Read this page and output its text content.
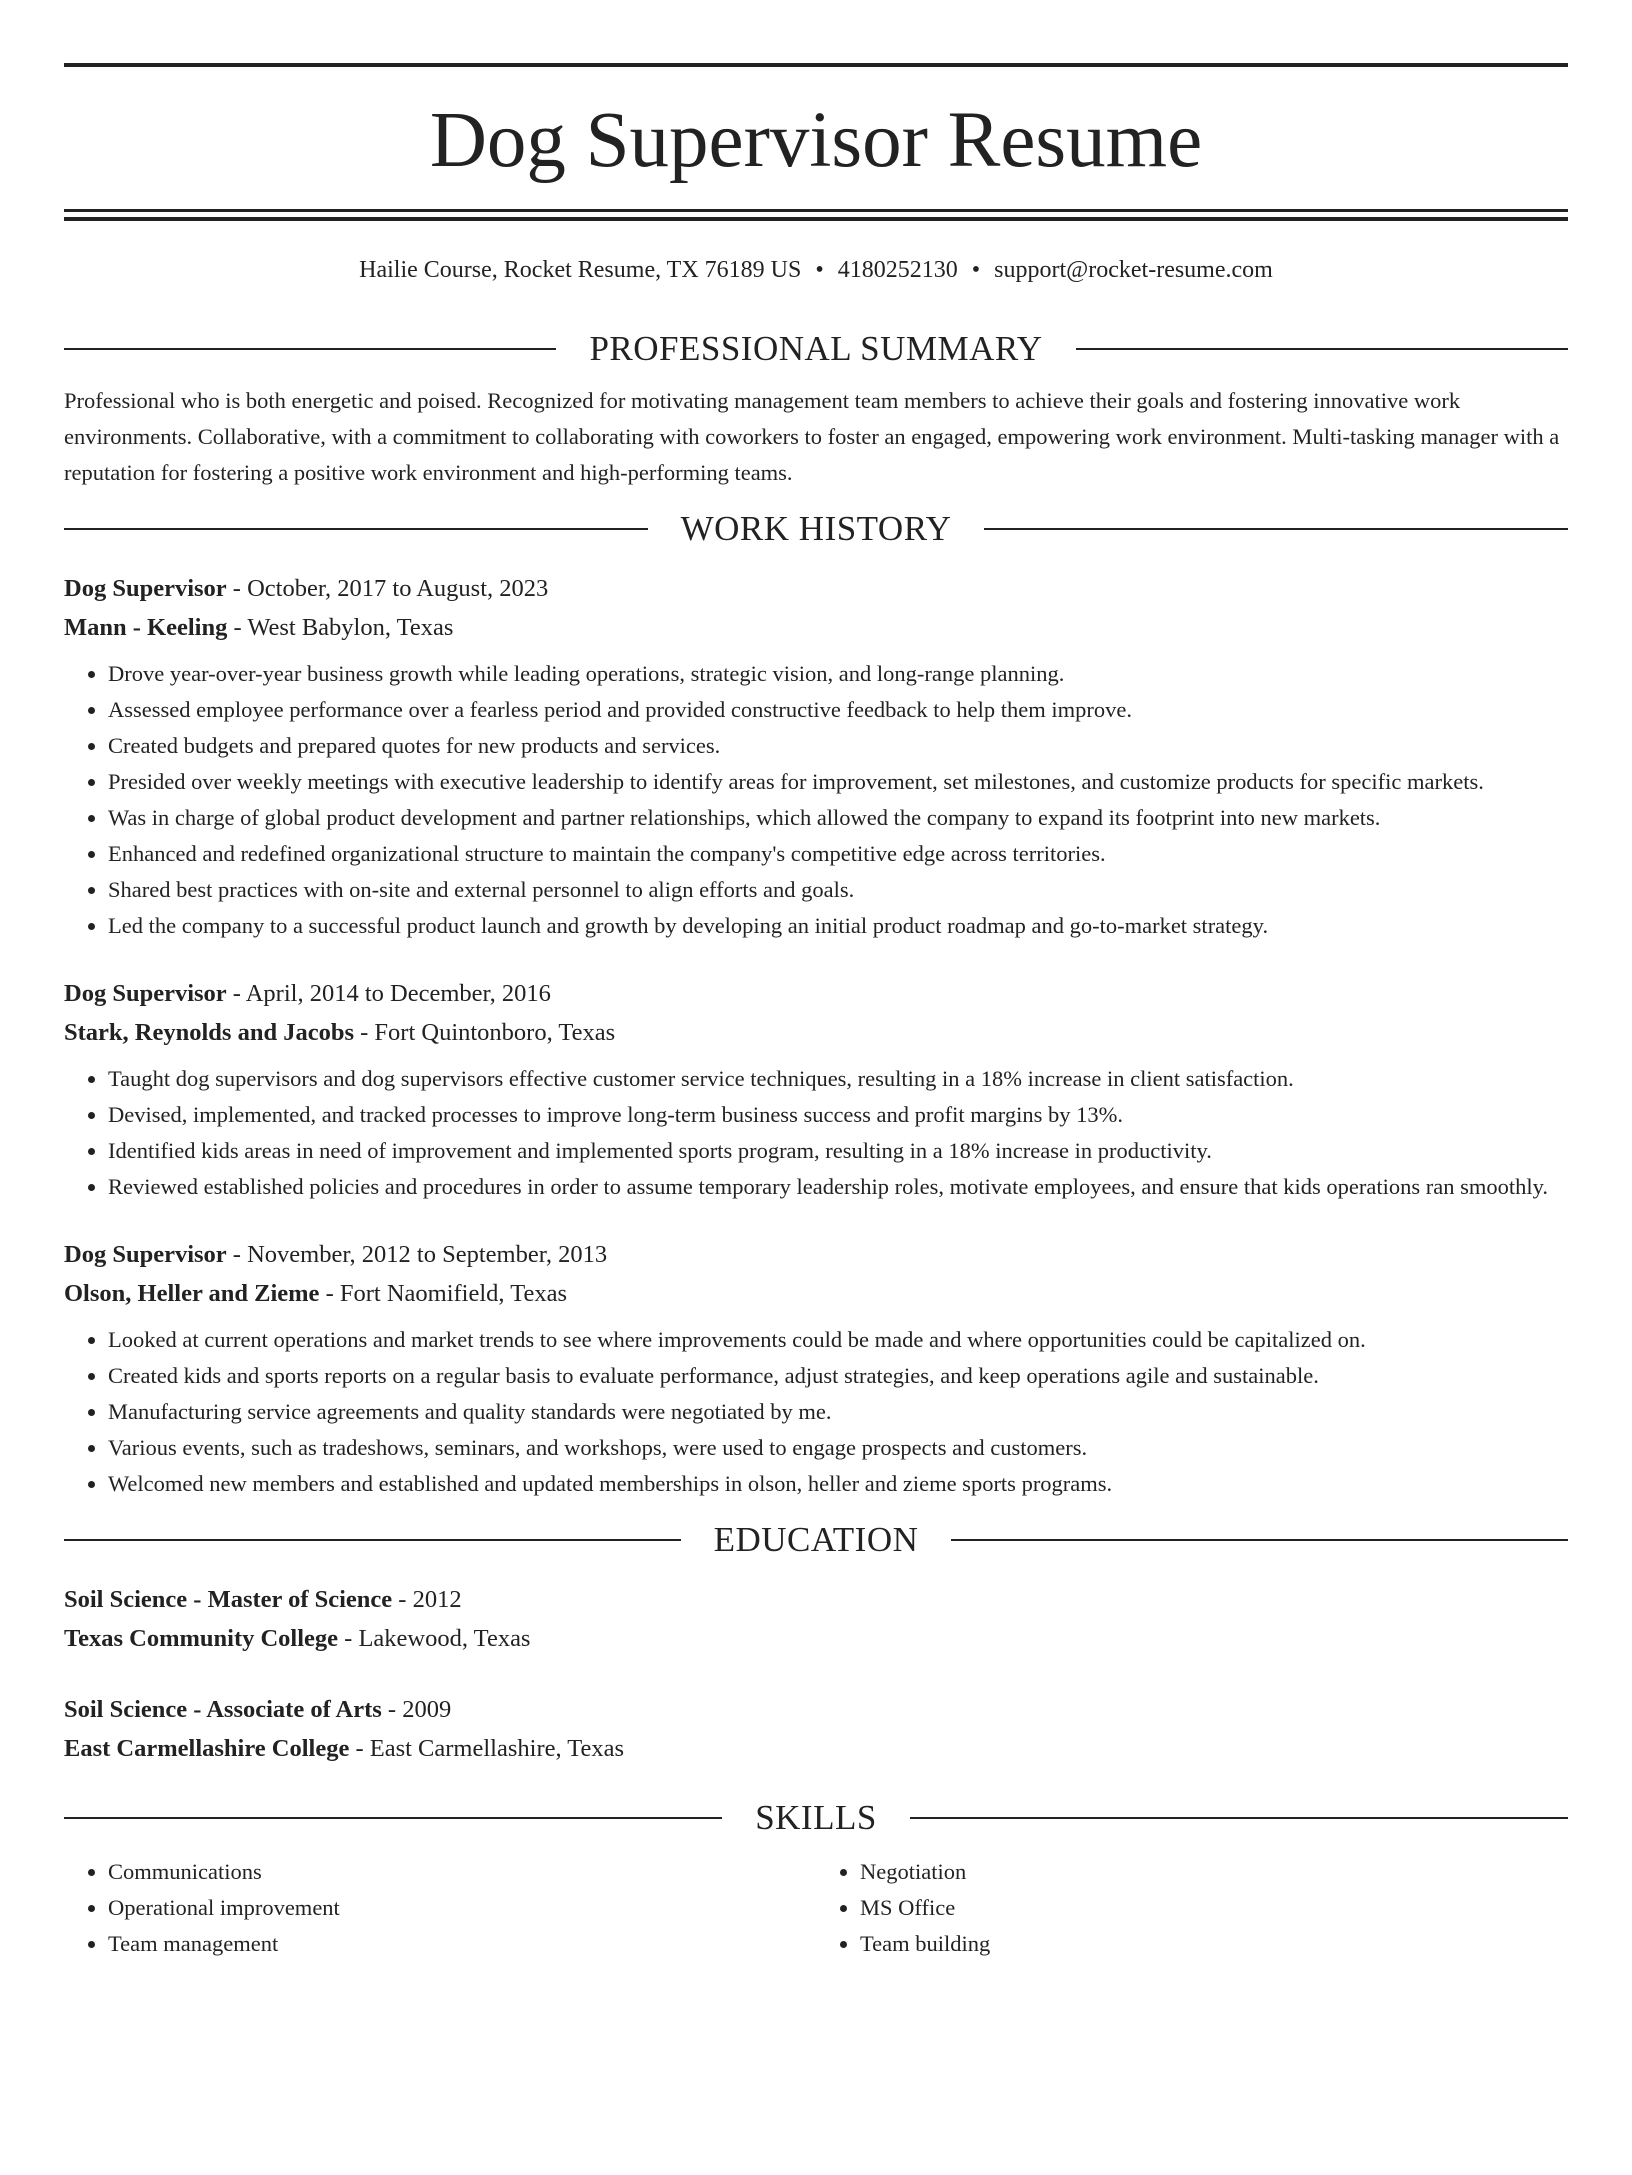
Dog Supervisor Resume
Hailie Course, Rocket Resume, TX 76189 US • 4180252130 • support@rocket-resume.com
PROFESSIONAL SUMMARY
Professional who is both energetic and poised. Recognized for motivating management team members to achieve their goals and fostering innovative work environments. Collaborative, with a commitment to collaborating with coworkers to foster an engaged, empowering work environment. Multi-tasking manager with a reputation for fostering a positive work environment and high-performing teams.
WORK HISTORY
Dog Supervisor - October, 2017 to August, 2023
Mann - Keeling - West Babylon, Texas
• Drove year-over-year business growth while leading operations, strategic vision, and long-range planning.
• Assessed employee performance over a fearless period and provided constructive feedback to help them improve.
• Created budgets and prepared quotes for new products and services.
• Presided over weekly meetings with executive leadership to identify areas for improvement, set milestones, and customize products for specific markets.
• Was in charge of global product development and partner relationships, which allowed the company to expand its footprint into new markets.
• Enhanced and redefined organizational structure to maintain the company's competitive edge across territories.
• Shared best practices with on-site and external personnel to align efforts and goals.
• Led the company to a successful product launch and growth by developing an initial product roadmap and go-to-market strategy.
Dog Supervisor - April, 2014 to December, 2016
Stark, Reynolds and Jacobs - Fort Quintonboro, Texas
• Taught dog supervisors and dog supervisors effective customer service techniques, resulting in a 18% increase in client satisfaction.
• Devised, implemented, and tracked processes to improve long-term business success and profit margins by 13%.
• Identified kids areas in need of improvement and implemented sports program, resulting in a 18% increase in productivity.
• Reviewed established policies and procedures in order to assume temporary leadership roles, motivate employees, and ensure that kids operations ran smoothly.
Dog Supervisor - November, 2012 to September, 2013
Olson, Heller and Zieme - Fort Naomifield, Texas
• Looked at current operations and market trends to see where improvements could be made and where opportunities could be capitalized on.
• Created kids and sports reports on a regular basis to evaluate performance, adjust strategies, and keep operations agile and sustainable.
• Manufacturing service agreements and quality standards were negotiated by me.
• Various events, such as tradeshows, seminars, and workshops, were used to engage prospects and customers.
• Welcomed new members and established and updated memberships in olson, heller and zieme sports programs.
EDUCATION
Soil Science - Master of Science - 2012
Texas Community College - Lakewood, Texas
Soil Science - Associate of Arts - 2009
East Carmellashire College - East Carmellashire, Texas
SKILLS
• Communications
• Operational improvement
• Team management
• Negotiation
• MS Office
• Team building
